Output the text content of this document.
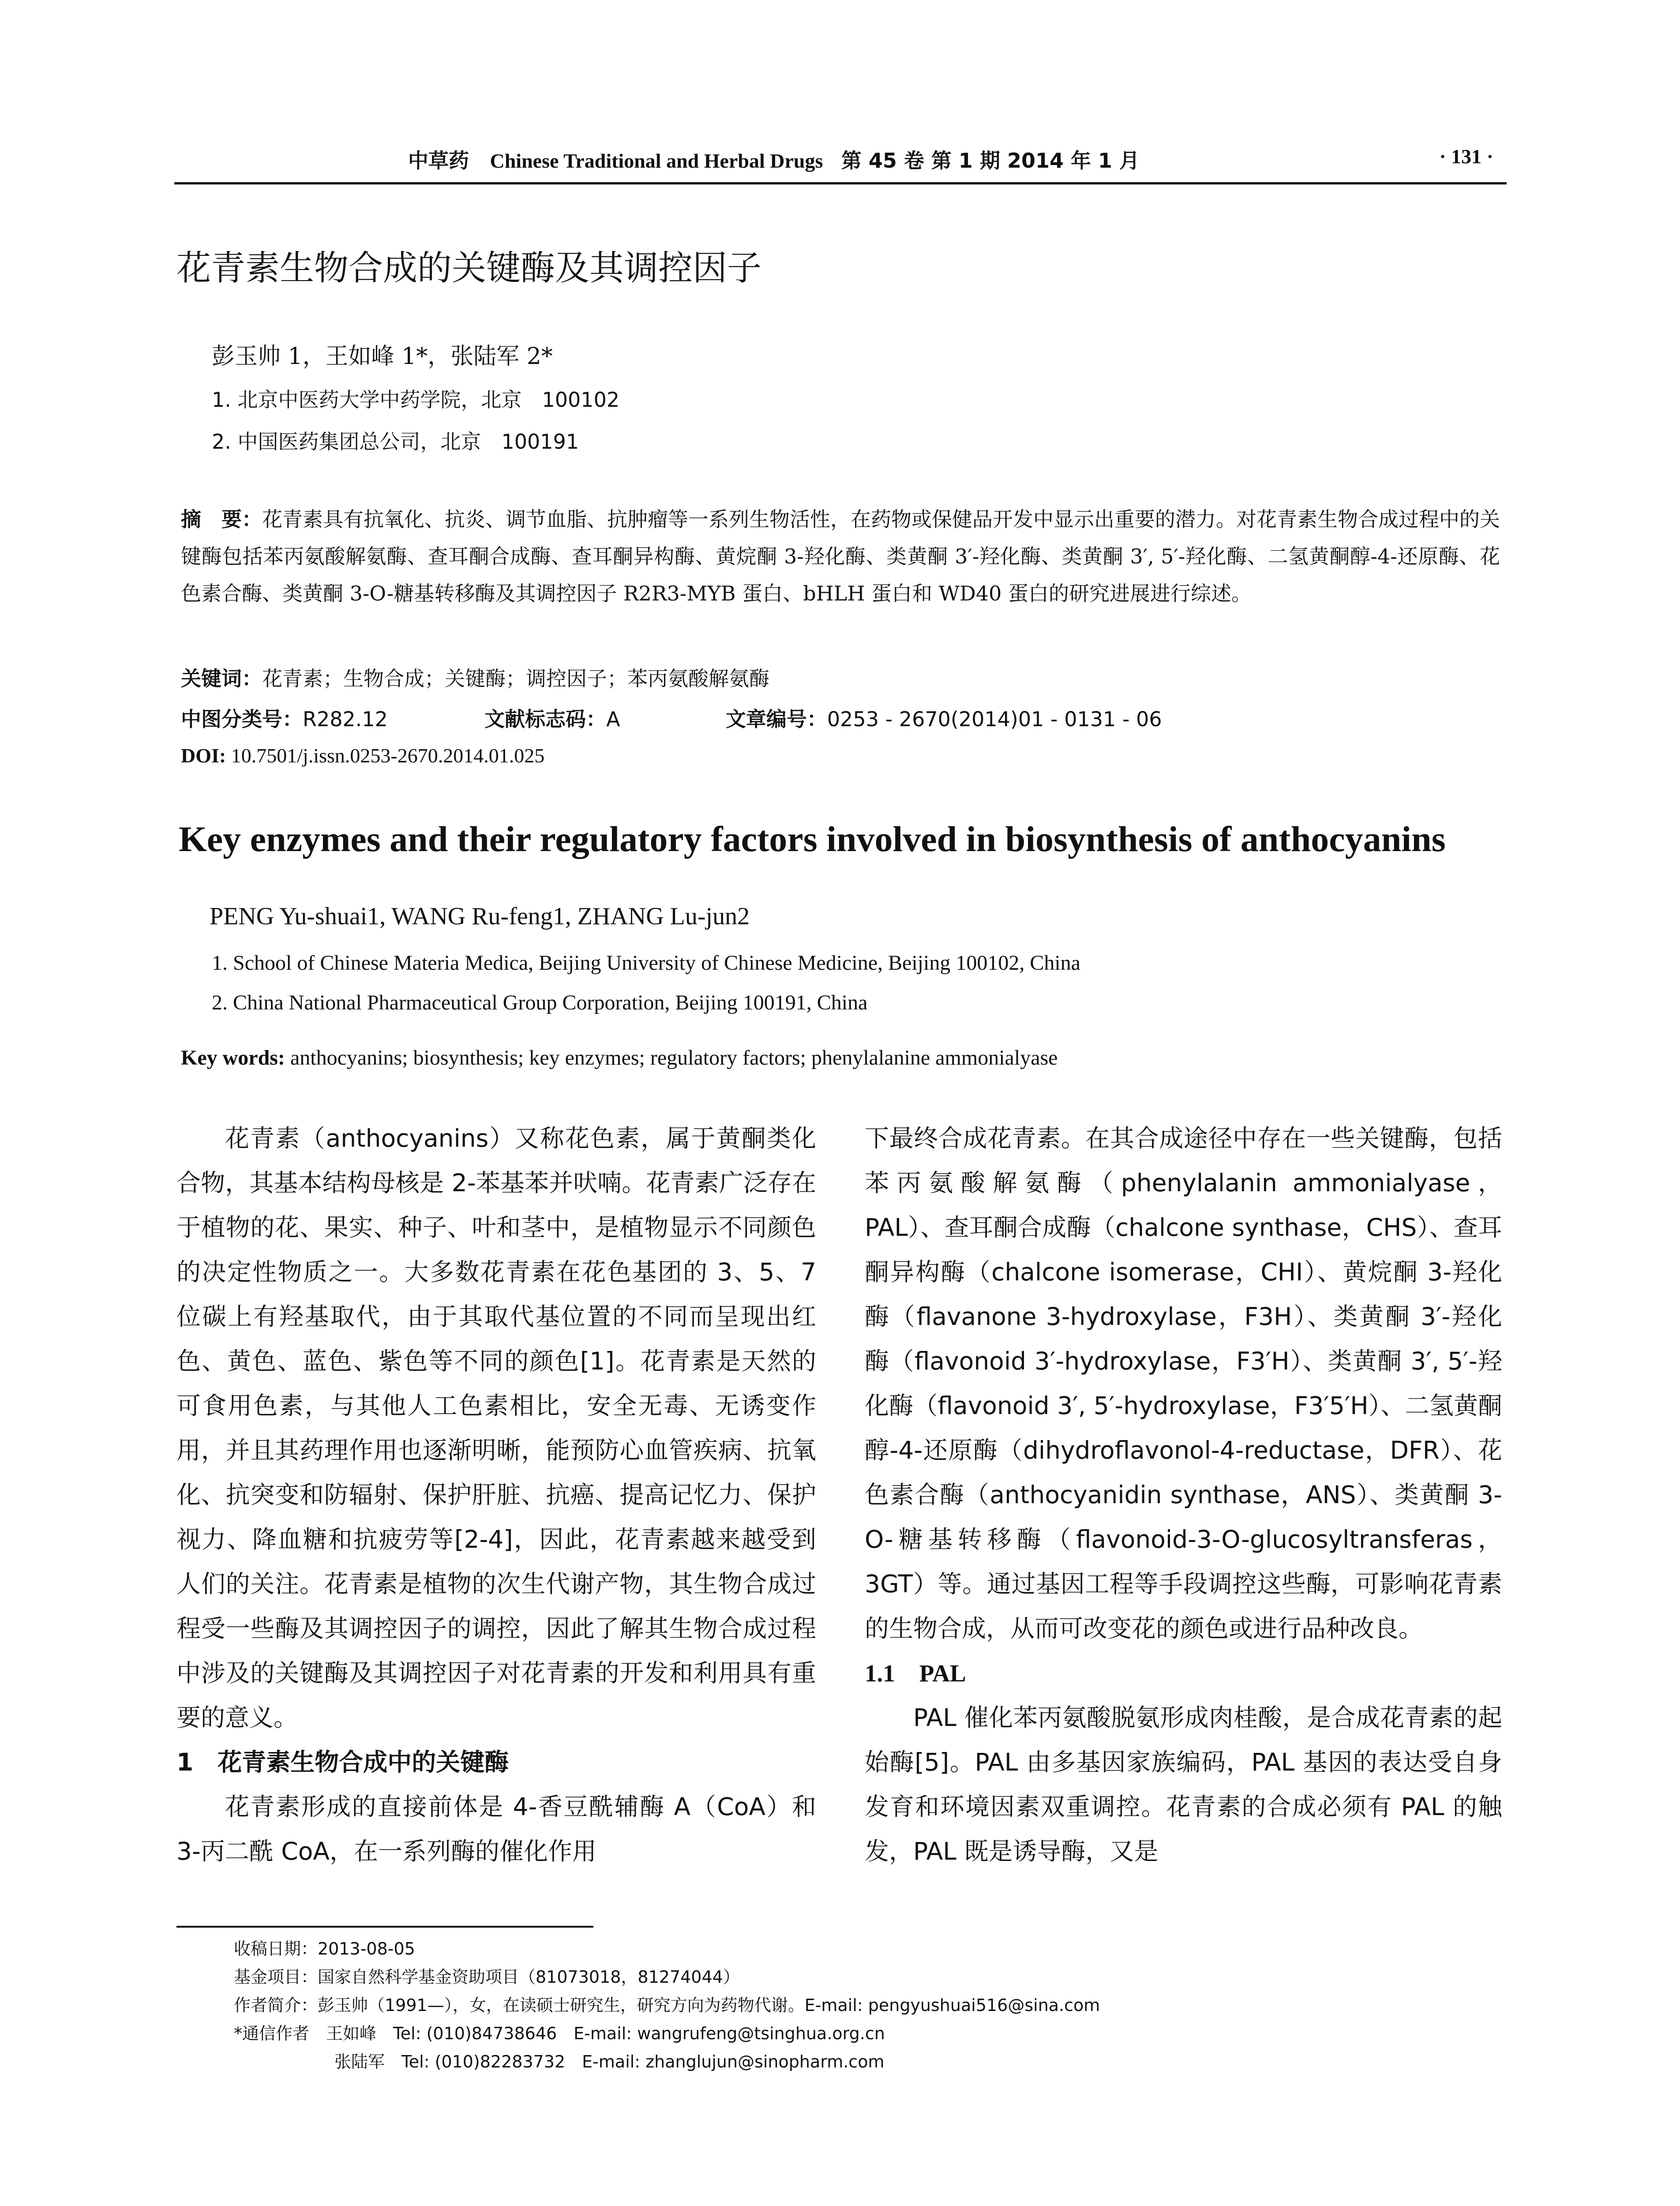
中草药 Chinese Traditional and Herbal Drugs 第 45 卷 第 1 期 2014 年 1 月	· 131 ·
花青素生物合成的关键酶及其调控因子
彭玉帅 1，王如峰 1*，张陆军 2*
1. 北京中医药大学中药学院，北京　100102
2. 中国医药集团总公司，北京　100191
摘　要：花青素具有抗氧化、抗炎、调节血脂、抗肿瘤等一系列生物活性，在药物或保健品开发中显示出重要的潜力。对花青素生物合成过程中的关键酶包括苯丙氨酸解氨酶、查耳酮合成酶、查耳酮异构酶、黄烷酮 3-羟化酶、类黄酮 3′-羟化酶、类黄酮 3′, 5′-羟化酶、二氢黄酮醇-4-还原酶、花色素合酶、类黄酮 3-O-糖基转移酶及其调控因子 R2R3-MYB 蛋白、bHLH 蛋白和 WD40 蛋白的研究进展进行综述。
关键词：花青素；生物合成；关键酶；调控因子；苯丙氨酸解氨酶
中图分类号：R282.12	文献标志码：A	文章编号：0253 - 2670(2014)01 - 0131 - 06
DOI: 10.7501/j.issn.0253-2670.2014.01.025
Key enzymes and their regulatory factors involved in biosynthesis of anthocyanins
PENG Yu-shuai1, WANG Ru-feng1, ZHANG Lu-jun2
1. School of Chinese Materia Medica, Beijing University of Chinese Medicine, Beijing 100102, China
2. China National Pharmaceutical Group Corporation, Beijing 100191, China
Key words: anthocyanins; biosynthesis; key enzymes; regulatory factors; phenylalanine ammonialyase

花青素（anthocyanins）又称花色素，属于黄酮类化合物，其基本结构母核是 2-苯基苯并吠喃。花青素广泛存在于植物的花、果实、种子、叶和茎中，是植物显示不同颜色的决定性物质之一。大多数花青素在花色基团的 3、5、7 位碳上有羟基取代，由于其取代基位置的不同而呈现出红色、黄色、蓝色、紫色等不同的颜色[1]。花青素是天然的可食用色素，与其他人工色素相比，安全无毒、无诱变作用，并且其药理作用也逐渐明晰，能预防心血管疾病、抗氧化、抗突变和防辐射、保护肝脏、抗癌、提高记忆力、保护视力、降血糖和抗疲劳等[2-4]，因此，花青素越来越受到人们的关注。花青素是植物的次生代谢产物，其生物合成过程受一些酶及其调控因子的调控，因此了解其生物合成过程中涉及的关键酶及其调控因子对花青素的开发和利用具有重要的意义。

1　花青素生物合成中的关键酶

花青素形成的直接前体是 4-香豆酰辅酶 A（CoA）和 3-丙二酰 CoA，在一系列酶的催化作用

下最终合成花青素。在其合成途径中存在一些关键酶，包括苯丙氨酸解氨酶（phenylalanin ammonialyase，PAL）、查耳酮合成酶（chalcone synthase，CHS）、查耳酮异构酶（chalcone isomerase，CHI）、黄烷酮 3-羟化酶（flavanone 3-hydroxylase，F3H）、类黄酮 3′-羟化酶（flavonoid 3′-hydroxylase，F3′H）、类黄酮 3′, 5′-羟化酶（flavonoid 3′, 5′-hydroxylase，F3′5′H）、二氢黄酮醇-4-还原酶（dihydroflavonol-4-reductase，DFR）、花色素合酶（anthocyanidin synthase，ANS）、类黄酮 3-O-糖基转移酶（flavonoid-3-O-glucosyltransferas，3GT）等。通过基因工程等手段调控这些酶，可影响花青素的生物合成，从而可改变花的颜色或进行品种改良。

1.1　PAL

PAL 催化苯丙氨酸脱氨形成肉桂酸，是合成花青素的起始酶[5]。PAL 由多基因家族编码，PAL 基因的表达受自身发育和环境因素双重调控。花青素的合成必须有 PAL 的触发，PAL 既是诱导酶，又是

收稿日期：2013-08-05
基金项目：国家自然科学基金资助项目（81073018，81274044）
作者简介：彭玉帅（1991—），女，在读硕士研究生，研究方向为药物代谢。E-mail: pengyushuai516@sina.com
*通信作者　王如峰　Tel: (010)84738646　E-mail: wangrufeng@tsinghua.org.cn
　　　　　　张陆军　Tel: (010)82283732　E-mail: zhanglujun@sinopharm.com
